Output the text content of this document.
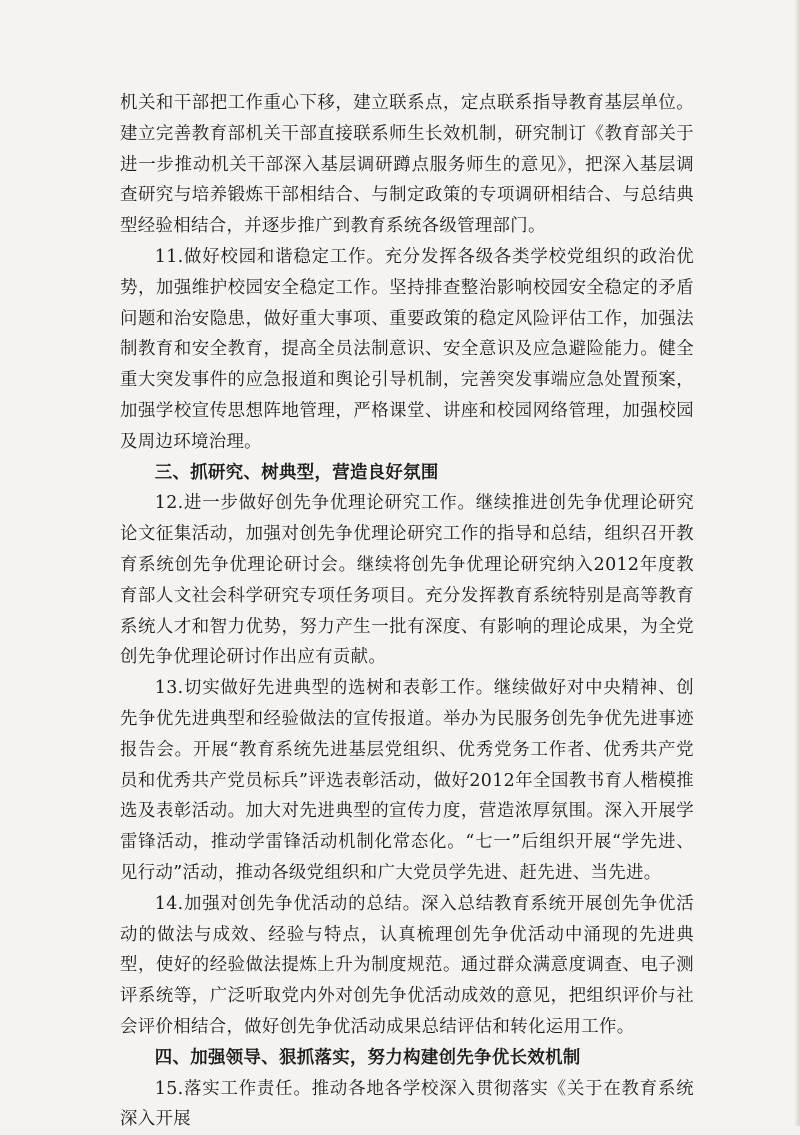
机关和干部把工作重心下移，建立联系点，定点联系指导教育基层单位。建立完善教育部机关干部直接联系师生长效机制，研究制订《教育部关于进一步推动机关干部深入基层调研蹲点服务师生的意见》，把深入基层调查研究与培养锻炼干部相结合、与制定政策的专项调研相结合、与总结典型经验相结合，并逐步推广到教育系统各级管理部门。

11.做好校园和谐稳定工作。充分发挥各级各类学校党组织的政治优势，加强维护校园安全稳定工作。坚持排查整治影响校园安全稳定的矛盾问题和治安隐患，做好重大事项、重要政策的稳定风险评估工作，加强法制教育和安全教育，提高全员法制意识、安全意识及应急避险能力。健全重大突发事件的应急报道和舆论引导机制，完善突发事端应急处置预案，加强学校宣传思想阵地管理，严格课堂、讲座和校园网络管理，加强校园及周边环境治理。

三、抓研究、树典型，营造良好氛围

12.进一步做好创先争优理论研究工作。继续推进创先争优理论研究论文征集活动，加强对创先争优理论研究工作的指导和总结，组织召开教育系统创先争优理论研讨会。继续将创先争优理论研究纳入2012年度教育部人文社会科学研究专项任务项目。充分发挥教育系统特别是高等教育系统人才和智力优势，努力产生一批有深度、有影响的理论成果，为全党创先争优理论研讨作出应有贡献。

13.切实做好先进典型的选树和表彰工作。继续做好对中央精神、创先争优先进典型和经验做法的宣传报道。举办为民服务创先争优先进事迹报告会。开展“教育系统先进基层党组织、优秀党务工作者、优秀共产党员和优秀共产党员标兵”评选表彰活动，做好2012年全国教书育人楷模推选及表彰活动。加大对先进典型的宣传力度，营造浓厚氛围。深入开展学雷锋活动，推动学雷锋活动机制化常态化。“七一”后组织开展“学先进、见行动”活动，推动各级党组织和广大党员学先进、赶先进、当先进。

14.加强对创先争优活动的总结。深入总结教育系统开展创先争优活动的做法与成效、经验与特点，认真梳理创先争优活动中涌现的先进典型，使好的经验做法提炼上升为制度规范。通过群众满意度调查、电子测评系统等，广泛听取党内外对创先争优活动成效的意见，把组织评价与社会评价相结合，做好创先争优活动成果总结评估和转化运用工作。

四、加强领导、狠抓落实，努力构建创先争优长效机制

15.落实工作责任。推动各地各学校深入贯彻落实《关于在教育系统深入开展
